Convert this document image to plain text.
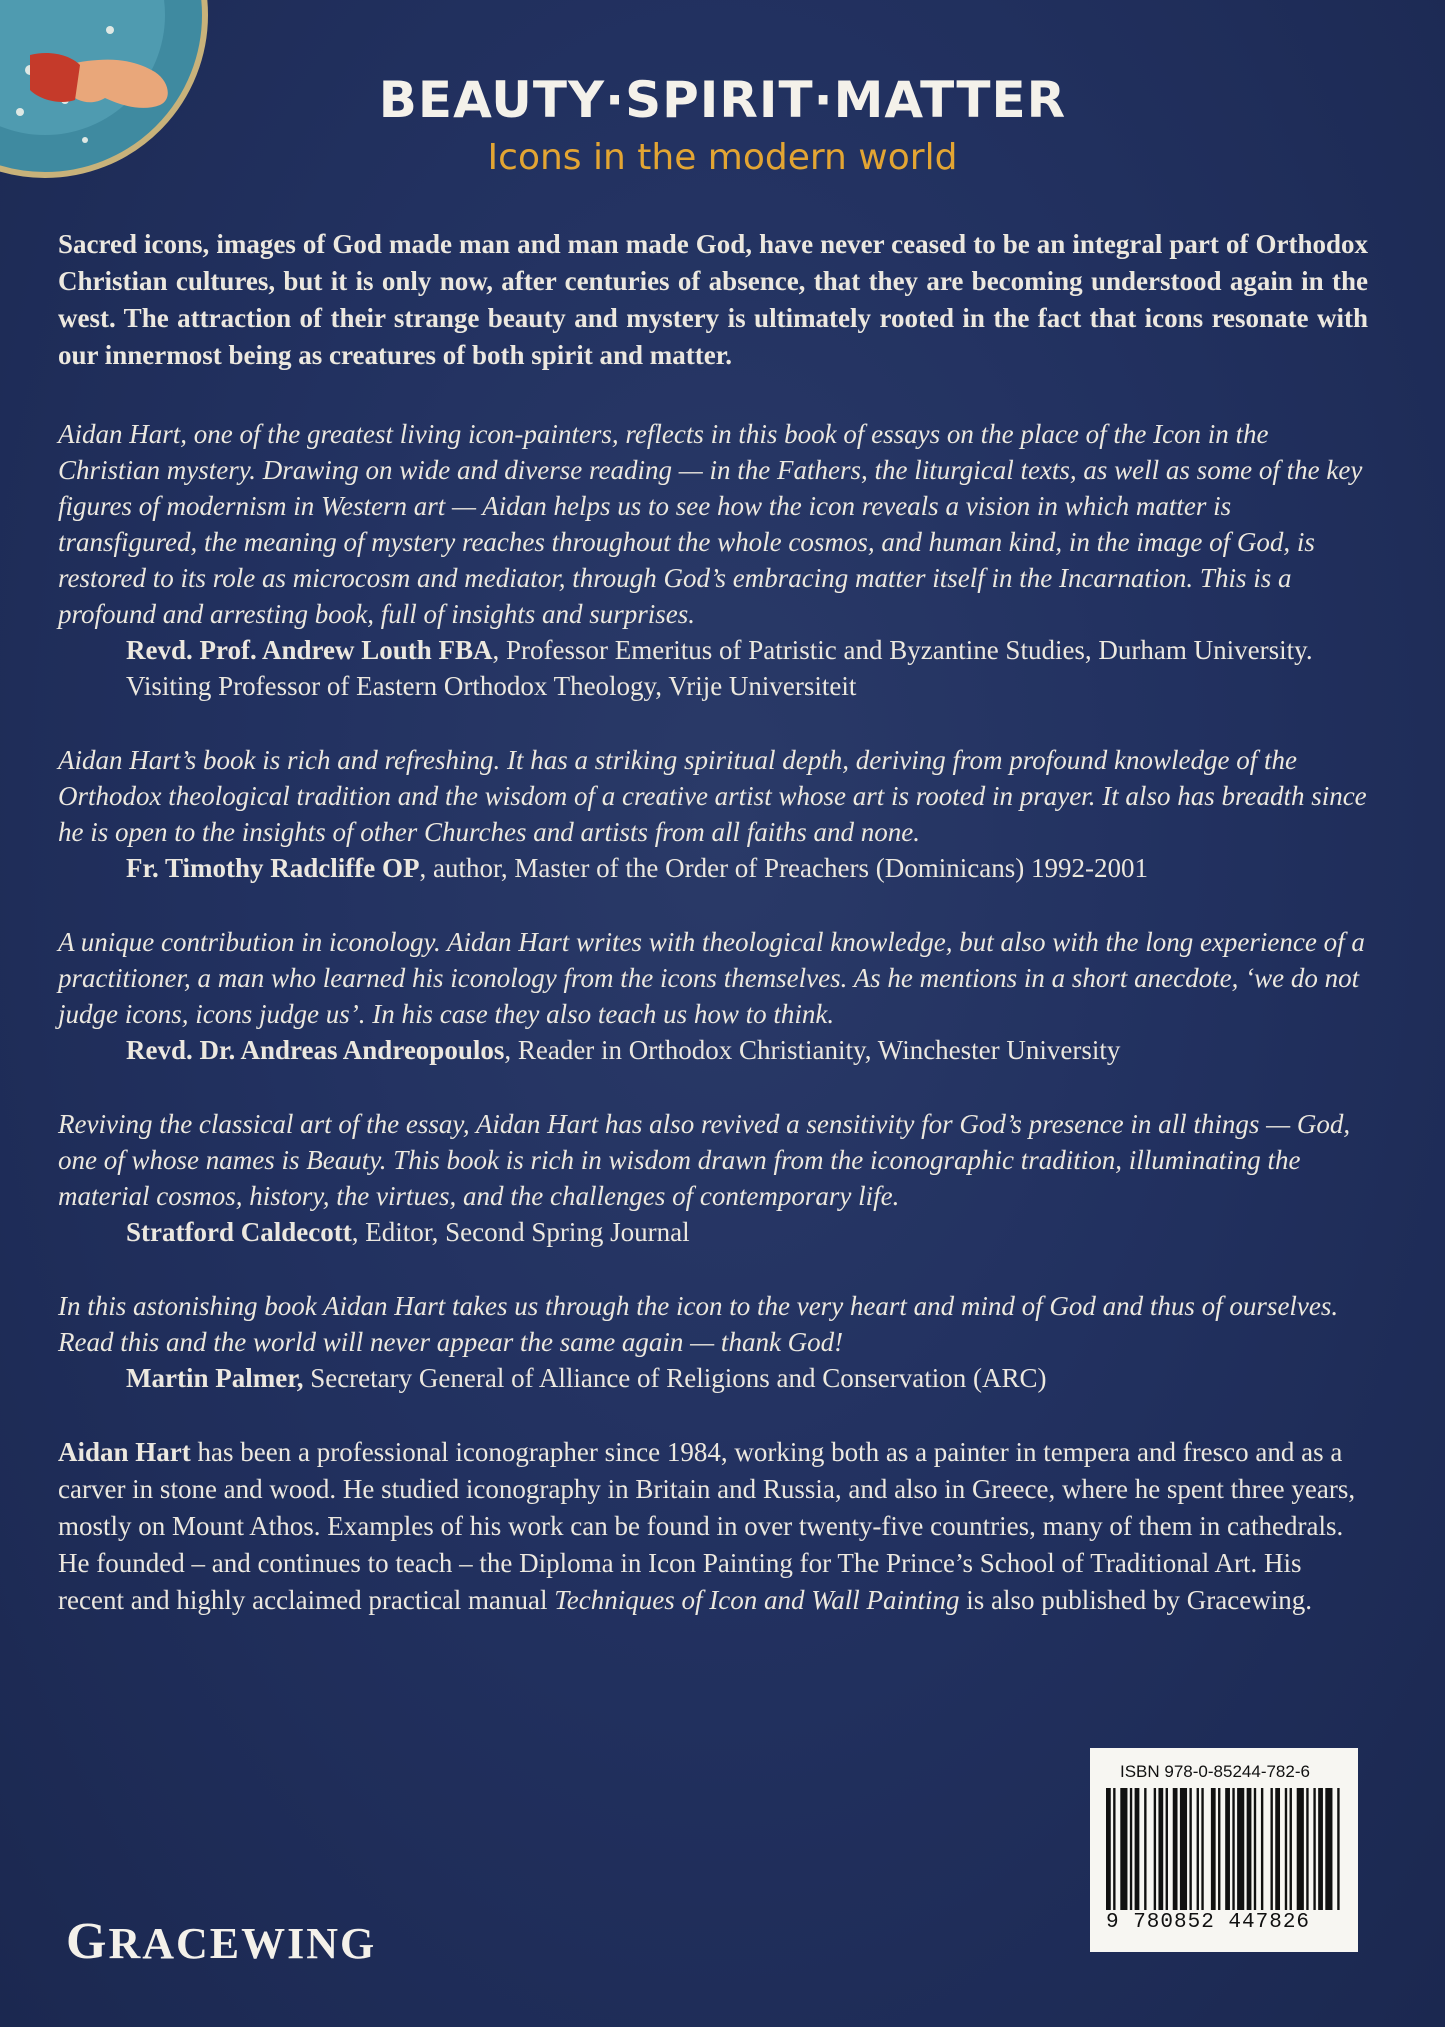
BEAUTY·SPIRIT·MATTER
Icons in the modern world

Sacred icons, images of God made man and man made God, have never ceased to be an integral part of Orthodox Christian cultures, but it is only now, after centuries of absence, that they are becoming understood again in the west. The attraction of their strange beauty and mystery is ultimately rooted in the fact that icons resonate with our innermost being as creatures of both spirit and matter.

Aidan Hart, one of the greatest living icon-painters, reflects in this book of essays on the place of the Icon in the Christian mystery. Drawing on wide and diverse reading — in the Fathers, the liturgical texts, as well as some of the key figures of modernism in Western art — Aidan helps us to see how the icon reveals a vision in which matter is transfigured, the meaning of mystery reaches throughout the whole cosmos, and human kind, in the image of God, is restored to its role as microcosm and mediator, through God’s embracing matter itself in the Incarnation. This is a profound and arresting book, full of insights and surprises.

Revd. Prof. Andrew Louth FBA, Professor Emeritus of Patristic and Byzantine Studies, Durham University. Visiting Professor of Eastern Orthodox Theology, Vrije Universiteit

Aidan Hart’s book is rich and refreshing. It has a striking spiritual depth, deriving from profound knowledge of the Orthodox theological tradition and the wisdom of a creative artist whose art is rooted in prayer. It also has breadth since he is open to the insights of other Churches and artists from all faiths and none.

Fr. Timothy Radcliffe OP, author, Master of the Order of Preachers (Dominicans) 1992-2001

A unique contribution in iconology. Aidan Hart writes with theological knowledge, but also with the long experience of a practitioner, a man who learned his iconology from the icons themselves. As he mentions in a short anecdote, ‘we do not judge icons, icons judge us’. In his case they also teach us how to think.

Revd. Dr. Andreas Andreopoulos, Reader in Orthodox Christianity, Winchester University

Reviving the classical art of the essay, Aidan Hart has also revived a sensitivity for God’s presence in all things — God, one of whose names is Beauty. This book is rich in wisdom drawn from the iconographic tradition, illuminating the material cosmos, history, the virtues, and the challenges of contemporary life.

Stratford Caldecott, Editor, Second Spring Journal

In this astonishing book Aidan Hart takes us through the icon to the very heart and mind of God and thus of ourselves. Read this and the world will never appear the same again — thank God!

Martin Palmer, Secretary General of Alliance of Religions and Conservation (ARC)

Aidan Hart has been a professional iconographer since 1984, working both as a painter in tempera and fresco and as a carver in stone and wood. He studied iconography in Britain and Russia, and also in Greece, where he spent three years, mostly on Mount Athos. Examples of his work can be found in over twenty-five countries, many of them in cathedrals. He founded – and continues to teach – the Diploma in Icon Painting for The Prince’s School of Traditional Art. His recent and highly acclaimed practical manual Techniques of Icon and Wall Painting is also published by Gracewing.

GRACEWING
ISBN 978-0-85244-782-6
9 780852 447826
